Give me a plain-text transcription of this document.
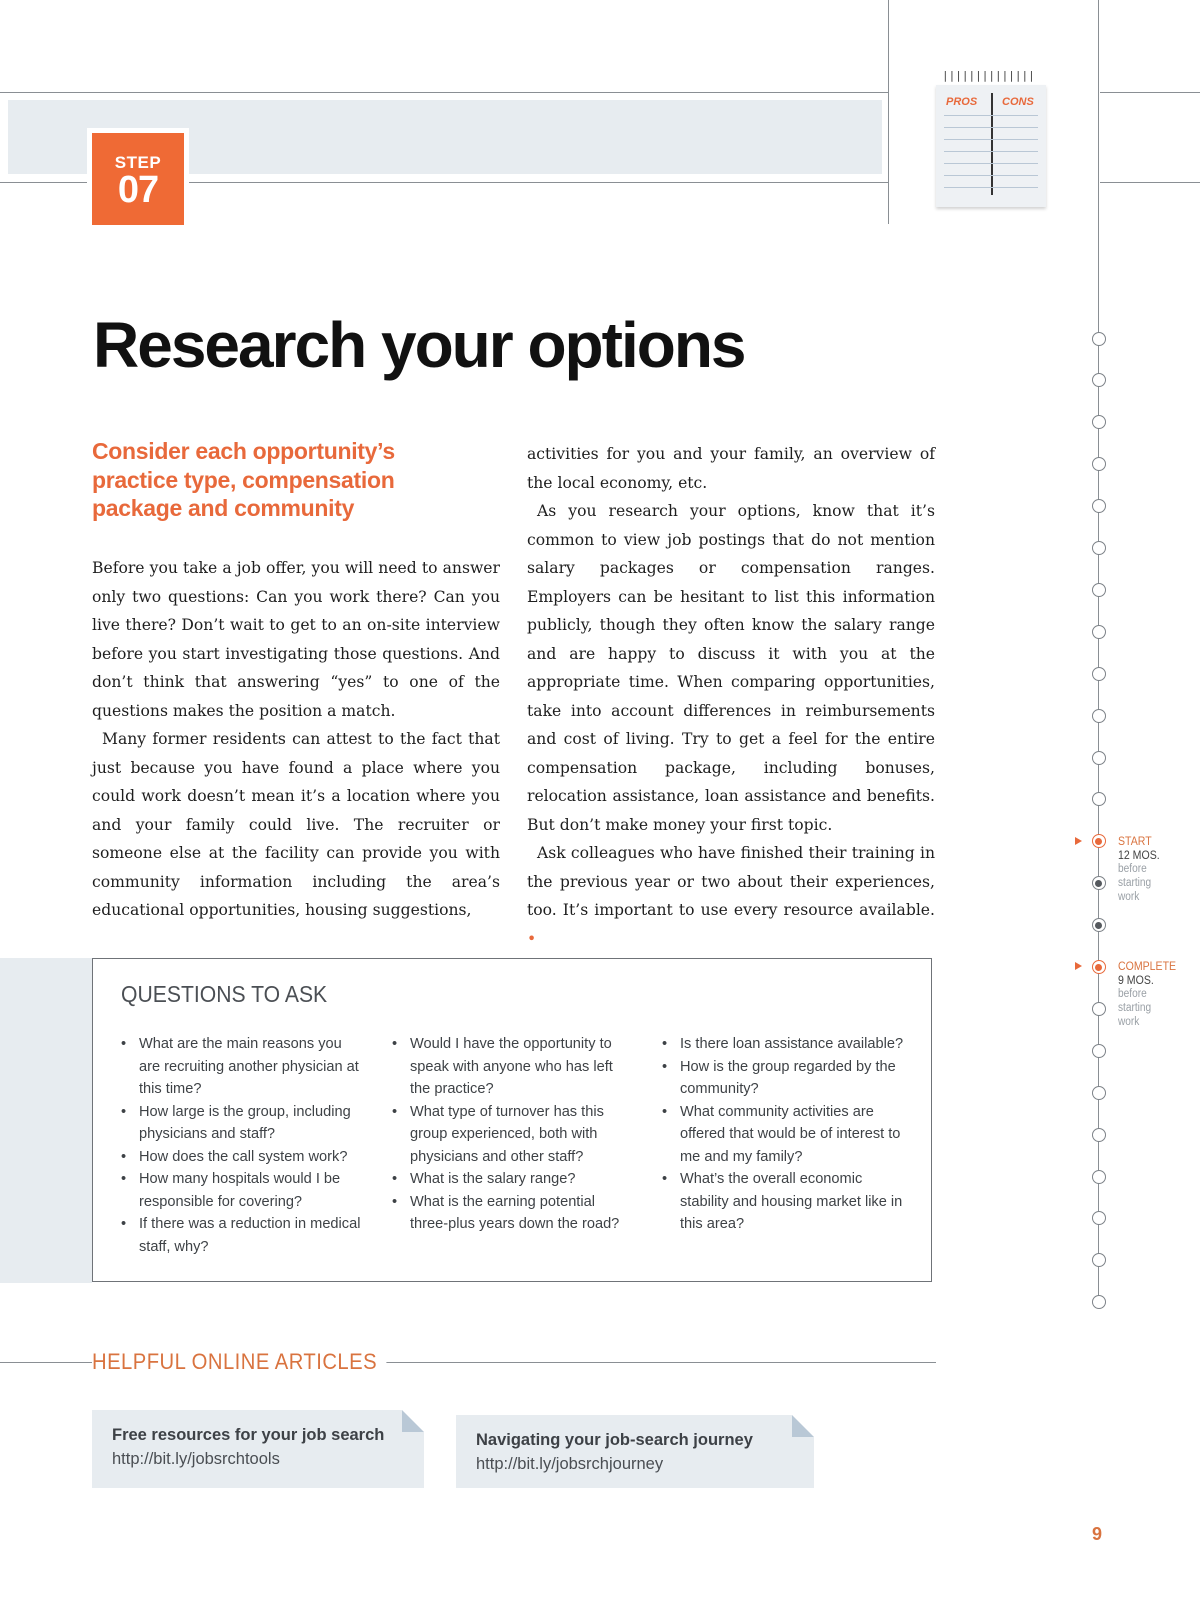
STEP
07
||||||||||||||
PROS CONS
Research your options
Consider each opportunity’s practice type, compensation package and community

Before you take a job offer, you will need to answer only two questions: Can you work there? Can you live there? Don’t wait to get to an on-site interview before you start investigating those questions. And don’t think that answering “yes” to one of the questions makes the position a match.

Many former residents can attest to the fact that just because you have found a place where you could work doesn’t mean it’s a location where you and your family could live. The recruiter or someone else at the facility can provide you with community information including the area’s educational opportunities, housing suggestions,

activities for you and your family, an overview of the local economy, etc.

As you research your options, know that it’s common to view job postings that do not mention salary packages or compensation ranges. Employers can be hesitant to list this information publicly, though they often know the salary range and are happy to discuss it with you at the appropriate time. When comparing opportunities, take into account differences in reimbursements and cost of living. Try to get a feel for the entire compensation package, including bonuses, relocation assistance, loan assistance and benefits. But don’t make money your first topic.

Ask colleagues who have finished their training in the previous year or two about their experiences, too. It’s important to use every resource available. •

QUESTIONS TO ASK
• What are the main reasons you are recruiting another physician at this time?
• How large is the group, including physicians and staff?
• How does the call system work?
• How many hospitals would I be responsible for covering?
• If there was a reduction in medical staff, why?
• Would I have the opportunity to speak with anyone who has left the practice?
• What type of turnover has this group experienced, both with physicians and other staff?
• What is the salary range?
• What is the earning potential three-plus years down the road?
• Is there loan assistance available?
• How is the group regarded by the community?
• What community activities are offered that would be of interest to me and my family?
• What’s the overall economic stability and housing market like in this area?
HELPFUL ONLINE ARTICLES
Free resources for your job search
http://bit.ly/jobsrchtools
Navigating your job-search journey
http://bit.ly/jobsrchjourney
START
12 MOS.
before
starting
work
COMPLETE
9 MOS.
before
starting
work
9
